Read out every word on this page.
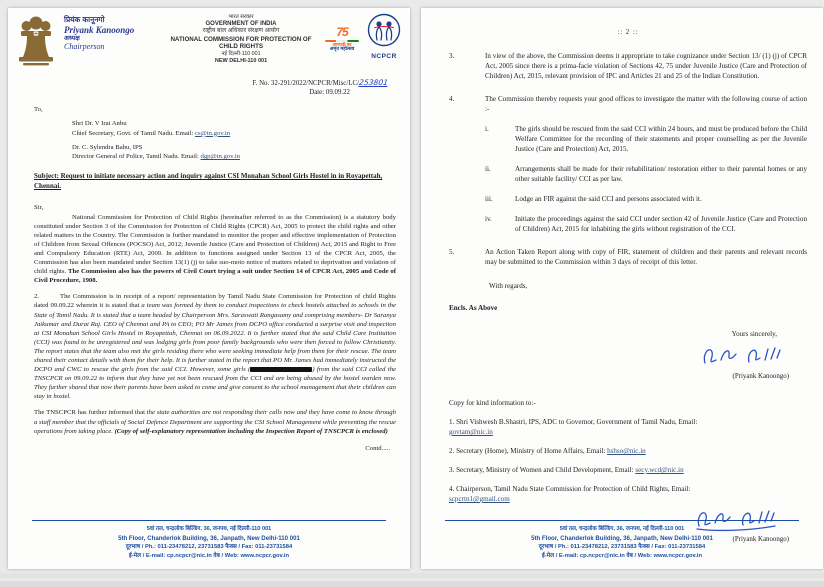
प्रियंक कानूनगो
Priyank Kanoongo
अध्यक्ष
Chairperson
भारत सरकार
GOVERNMENT OF INDIA
राष्ट्रीय बाल अधिकार संरक्षण आयोग
NATIONAL COMMISSION FOR PROTECTION OF CHILD RIGHTS
नई दिल्ली-110 001
NEW DELHI-110 001
75
आजादी का
अमृत महोत्सव
NCPCR
F. No. 32-291/2022/NCPCR/Misc/LC/253801
Date: 09.09.22
To,
Shri Dr. V Irai Anbu
Chief Secretary, Govt. of Tamil Nadu. Email: cs@tn.gov.in
Dr. C. Sylendra Babu, IPS
Director General of Police, Tamil Nadu. Email: dgp@tn.gov.in
Subject: Request to initiate necessary action and inquiry against CSI Monahan School Girls Hostel in in Royapettah, Chennai.
Sir,
National Commission for Protection of Child Rights (hereinafter referred to as the Commission) is a statutory body constituted under Section 3 of the Commission for Protection of Child Rights (CPCR) Act, 2005 to protect the child rights and other related matters in the Country. The Commission is further mandated to monitor the proper and effective implementation of Protection of Children from Sexual Offences (POCSO) Act, 2012; Juvenile Justice (Care and Protection of Children) Act, 2015 and Right to Free and Compulsory Education (RTE) Act, 2009. In addition to functions assigned under Section 13 of the CPCR Act, 2005, the Commission has also been mandated under Section 13(1) (j) to take suo-moto notice of matters related to deprivation and violation of child rights. The Commission also has the powers of Civil Court trying a suit under Section 14 of CPCR Act, 2005 and Code of Civil Procedure, 1908.
2.	The Commission is in receipt of a report/ representation by Tamil Nadu State Commission for Protection of child Rights dated 09.09.22 wherein it is stated that a team was formed by them to conduct inspections to check hostels attached to schools in the State of Tamil Nadu. It is stated that a team headed by Chairperson Mrs. Saraswati Rangasamy and comprising members- Dr Saranya Jaikumar and Durai Raj. CEO of Chennai and PA to CEO; PO Mr James from DCPO office conducted a surprise visit and inspection at CSI Monahan School Girls Hostel in Royapettah, Chennai on 06.09.2022. It is further stated that the said Child Care Institution (CCI) was found to be unregistered and was lodging girls from poor family backgrounds who were then forced to follow Christianity. The report states that the team also met the girls residing there who were seeking immediate help from them for their rescue. The team shared their contact details with them for their help. It is further stated in the report that PO Mr. James had immediately instructed the DCPO and CWC to rescue the girls from the said CCI. However, some girls (	) from the said CCI called the TNSCPCR on 09.09.22 to inform that they have yet not been rescued from the CCI and are being abused by the hostel warden now. They further shared that now their parents have been asked to come and give consent to the school management that their children can stay in hostel.
The TNSCPCR has further informed that the state authorities are not responding their calls now and they have come to know through a staff member that the officials of Social Defence Department are supporting the CSI School Management while preventing the rescue operations from taking place. (Copy of self-explanatory representation including the Inspection Report of TNSCPCR is enclosed)
Contd.....
5वां तल, चन्द्रलोक बिल्डिंग, 36, जनपथ, नई दिल्ली-110 001
5th Floor, Chanderlok Building, 36, Janpath, New Delhi-110 001
दूरभाष / Ph.: 011-23478212, 23731583 फैक्स / Fax: 011-23731584
ई-मेल / E-mail: cp.ncpcr@nic.in वेब / Web: www.ncpcr.gov.in
:: 2 ::
3.	In view of the above, the Commission deems it appropriate to take cognizance under Section 13/ (1) (j) of CPCR Act, 2005 since there is a prima-facie violation of Sections 42, 75 under Juvenile Justice (Care and Protection of Children) Act, 2015, relevant provision of IPC and Articles 21 and 25 of the Indian Constitution.
4.	The Commission thereby requests your good offices to investigate the matter with the following course of action :-
i.	The girls should be rescued from the said CCI within 24 hours, and must be produced before the Child Welfare Committee for the recording of their statements and proper counselling as per the Juvenile Justice (Care and Protection) Act, 2015.
ii.	Arrangements shall be made for their rehabilitation/ restoration either to their parental homes or any other suitable facility/ CCI as per law.
iii.	Lodge an FIR against the said CCI and persons associated with it.
iv.	Initiate the proceedings against the said CCI under section 42 of Juvenile Justice (Care and Protection of Children) Act, 2015 for inhabiting the girls without registration of the CCI.
5.	An Action Taken Report along with copy of FIR, statement of children and their parents and relevant records may be submitted to the Commission within 3 days of receipt of this letter.
With regards,
Encls. As Above
Yours sincerely,
(Priyank Kanoongo)
Copy for kind information to:-
1. Shri Vishwesh B.Shastri, IPS, ADC to Governor, Government of Tamil Nadu, Email:
govtam@nic.in
2. Secretary (Home), Ministry of Home Affairs, Email: hshso@nic.in
3. Secretary, Ministry of Women and Child Development, Email: secy.wcd@nic.in
4. Chairperson, Tamil Nadu State Commission for Protection of Child Rights, Email:
scpcrtn1@gmail.com
(Priyank Kanoongo)
5वां तल, चन्द्रलोक बिल्डिंग, 36, जनपथ, नई दिल्ली-110 001
5th Floor, Chanderlok Building, 36, Janpath, New Delhi-110 001
दूरभाष / Ph.: 011-23478212, 23731583 फैक्स / Fax: 011-23731584
ई-मेल / E-mail: cp.ncpcr@nic.in वेब / Web: www.ncpcr.gov.in
